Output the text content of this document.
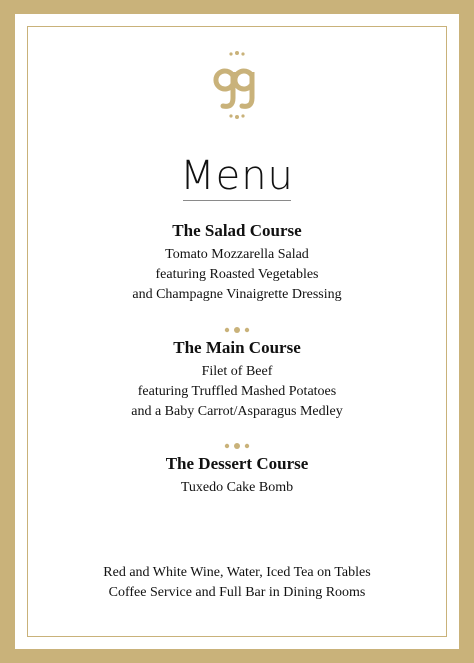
Menu
The Salad Course
Tomato Mozzarella Salad
featuring Roasted Vegetables
and Champagne Vinaigrette Dressing
The Main Course
Filet of Beef
featuring Truffled Mashed Potatoes
and a Baby Carrot/Asparagus Medley
The Dessert Course
Tuxedo Cake Bomb
Red and White Wine, Water, Iced Tea on Tables
Coffee Service and Full Bar in Dining Rooms
